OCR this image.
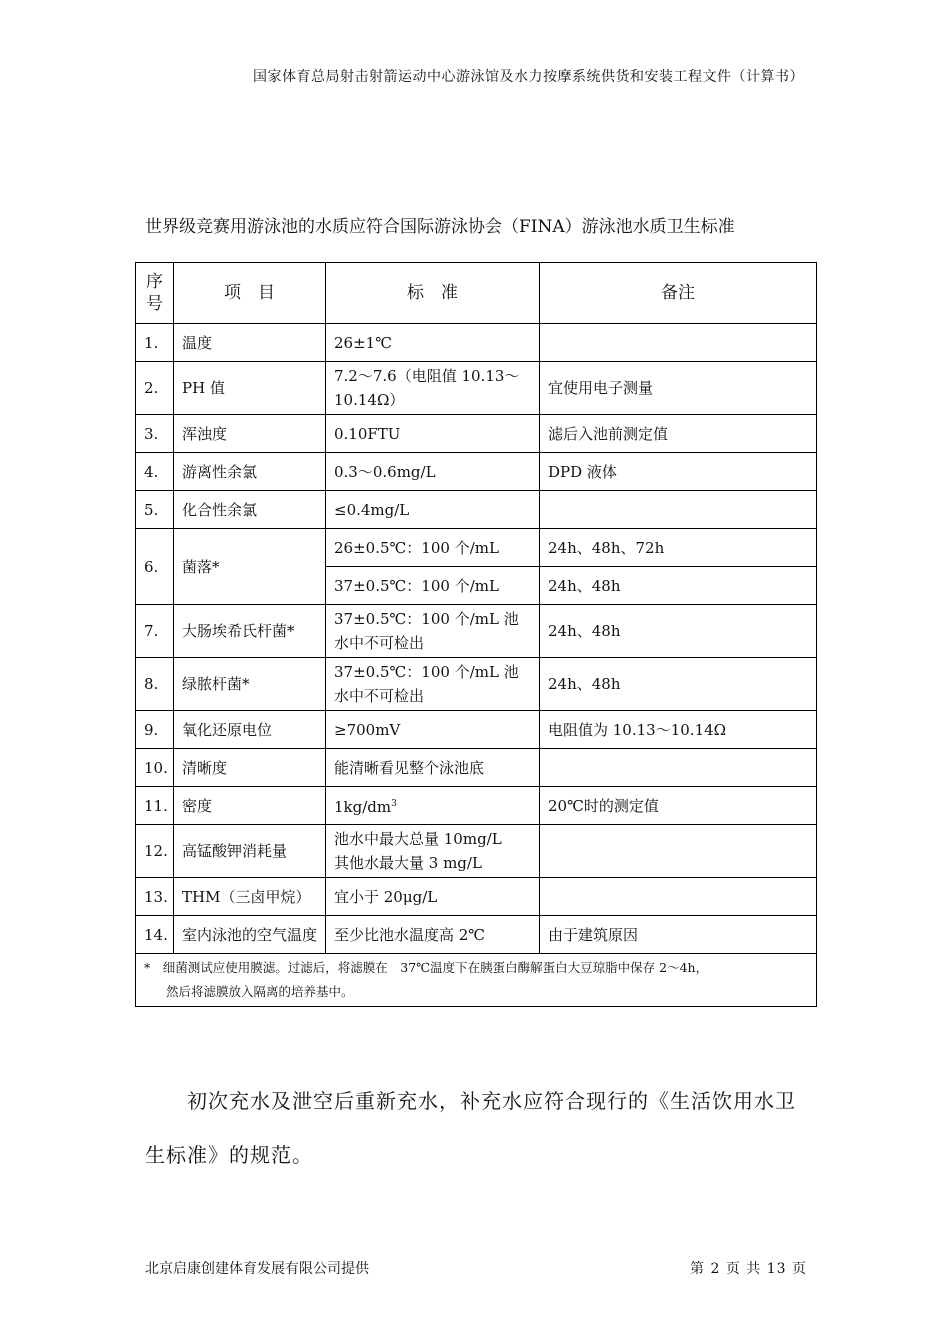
国家体育总局射击射箭运动中心游泳馆及水力按摩系统供货和安装工程文件（计算书）
世界级竞赛用游泳池的水质应符合国际游泳协会（FINA）游泳池水质卫生标准
序号	项　目	标　准	备注
1.	温度	26±1℃	
2.	PH 值	7.2～7.6（电阻值 10.13～10.14Ω）	宜使用电子测量
3.	浑浊度	0.10FTU	滤后入池前测定值
4.	游离性余氯	0.3～0.6mg/L	DPD 液体
5.	化合性余氯	≤0.4mg/L	
6.	菌落*	26±0.5℃：100 个/mL	24h、48h、72h
		37±0.5℃：100 个/mL	24h、48h
7.	大肠埃希氏杆菌*	37±0.5℃：100 个/mL 池水中不可检出	24h、48h
8.	绿脓杆菌*	37±0.5℃：100 个/mL 池水中不可检出	24h、48h
9.	氧化还原电位	≥700mV	电阻值为 10.13～10.14Ω
10.	清晰度	能清晰看见整个泳池底	
11.	密度	$1kg/dm^3$	20℃时的测定值
12.	高锰酸钾消耗量	池水中最大总量 10mg/L
其他水最大量 3 mg/L	
13.	THM（三卤甲烷）	宜小于 20μg/L	
14.	室内泳池的空气温度	至少比池水温度高 2℃	由于建筑原因
*　细菌测试应使用膜滤。过滤后，将滤膜在　37℃温度下在胰蛋白酶解蛋白大豆琼脂中保存 2～4h，
然后将滤膜放入隔离的培养基中。			
初次充水及泄空后重新充水，补充水应符合现行的《生活饮用水卫生标准》的规范。
北京启康创建体育发展有限公司提供	第 2 页 共 13 页
